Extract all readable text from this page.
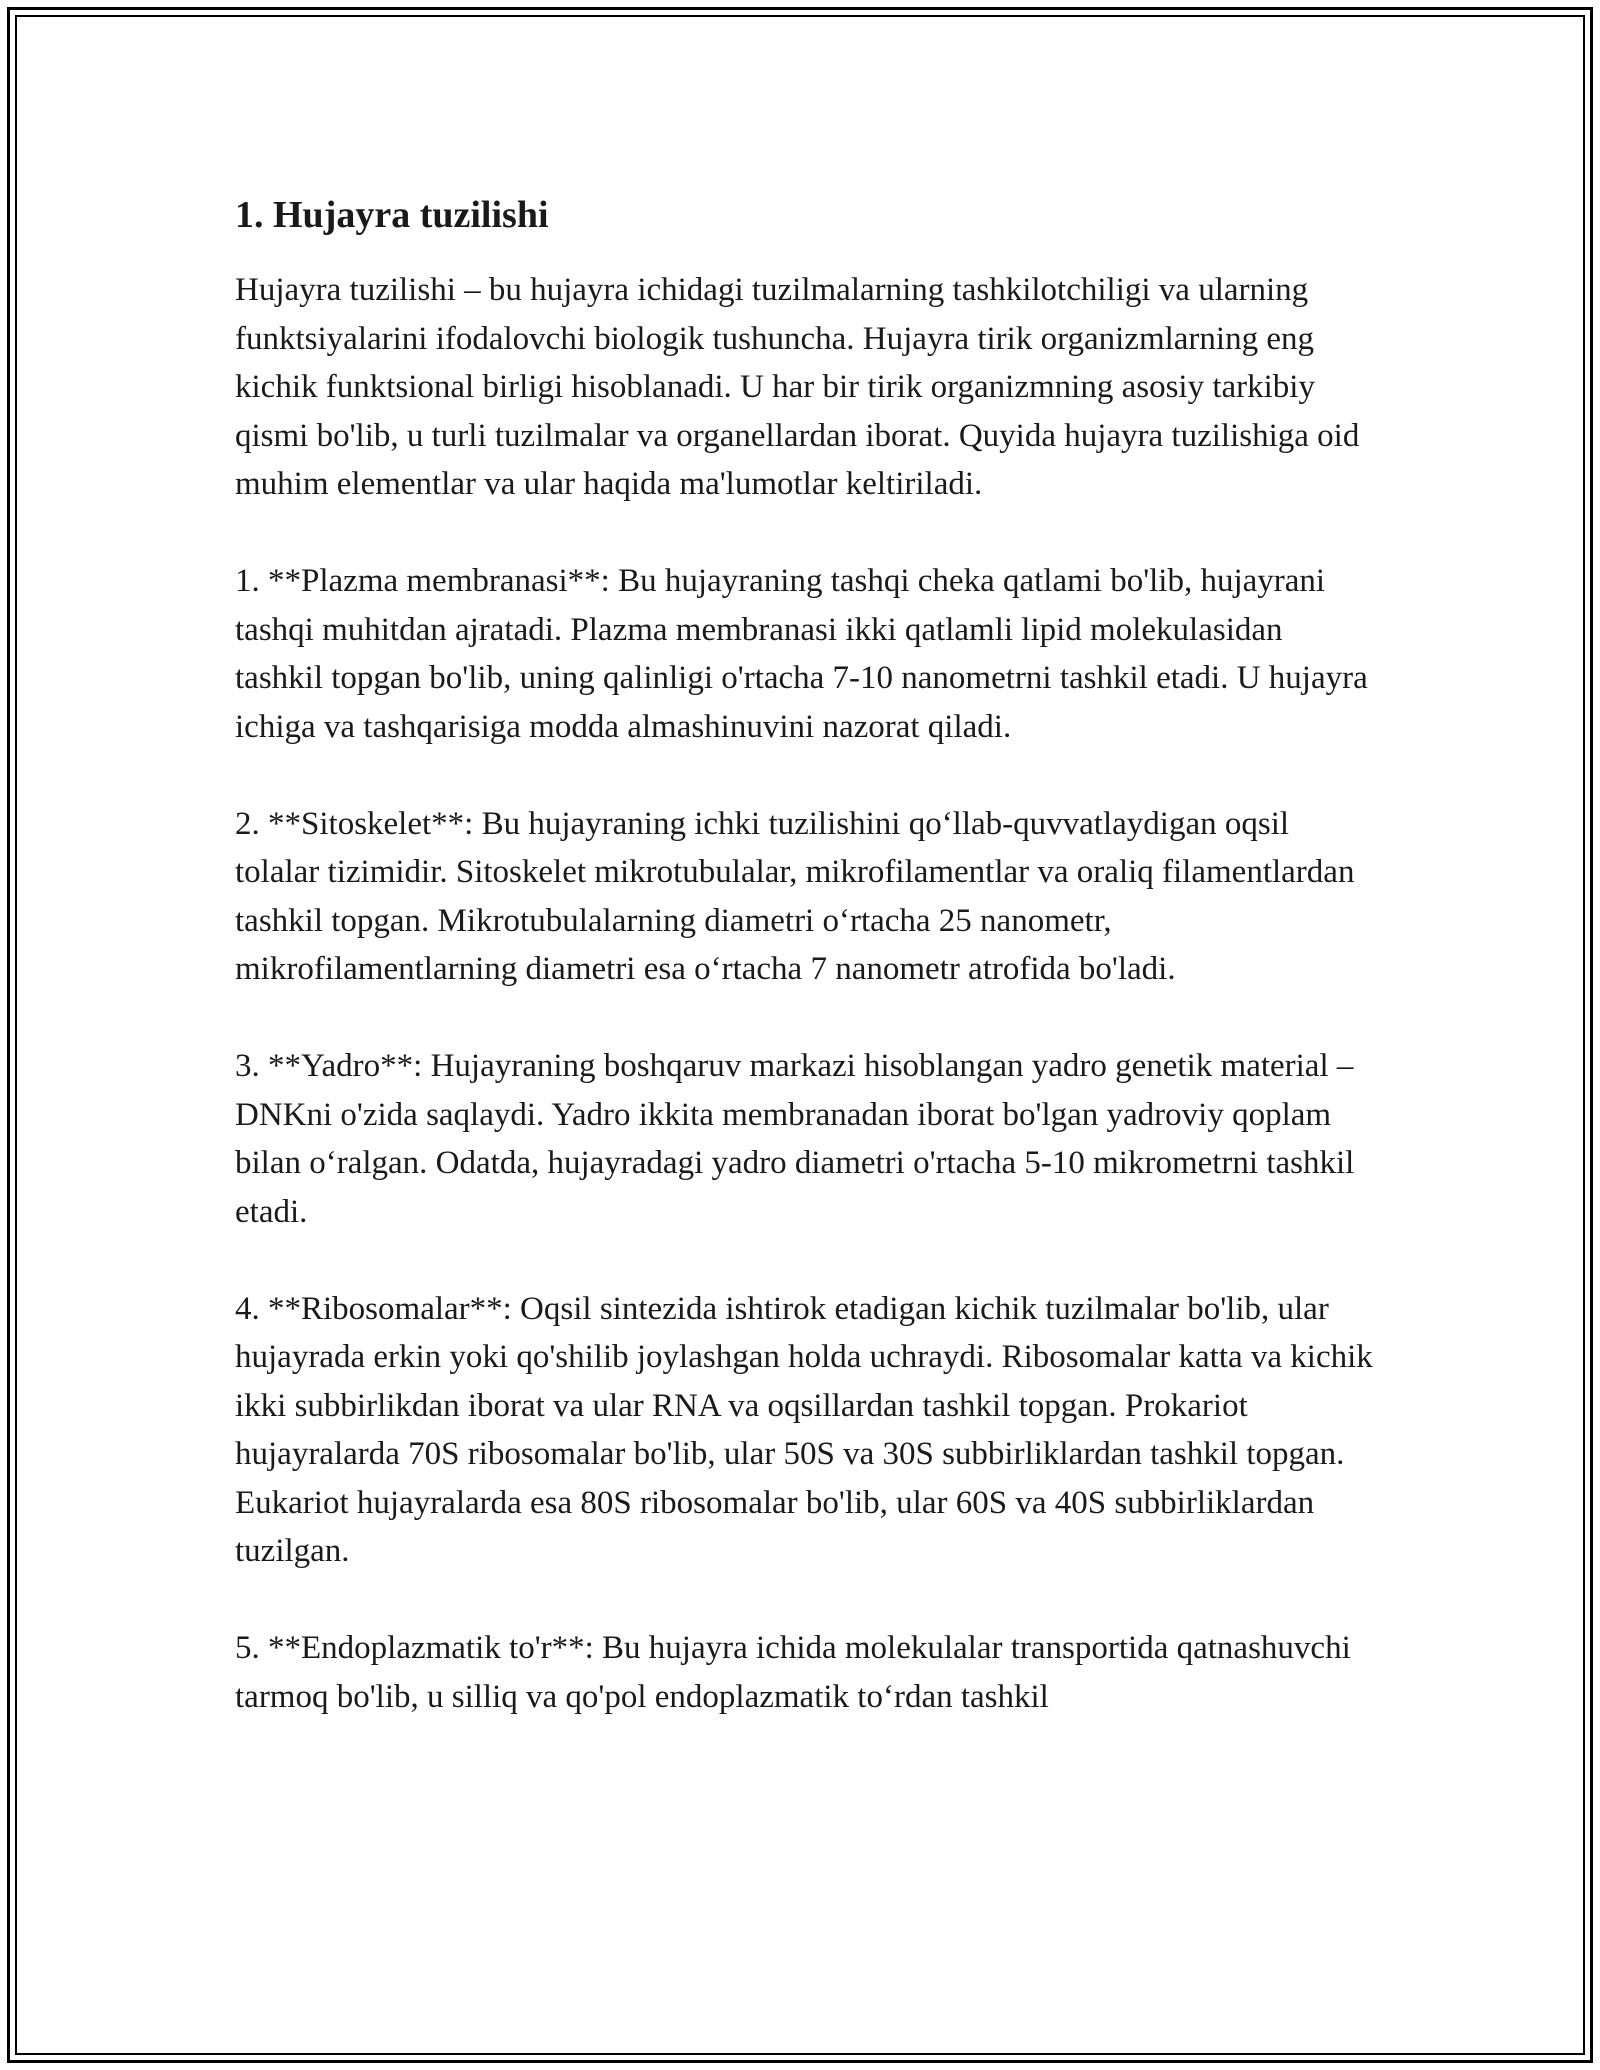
1. Hujayra tuzilishi

Hujayra tuzilishi – bu hujayra ichidagi tuzilmalarning tashkilotchiligi va ularning funktsiyalarini ifodalovchi biologik tushuncha. Hujayra tirik organizmlarning eng kichik funktsional birligi hisoblanadi. U har bir tirik organizmning asosiy tarkibiy qismi bo'lib, u turli tuzilmalar va organellardan iborat. Quyida hujayra tuzilishiga oid muhim elementlar va ular haqida ma'lumotlar keltiriladi.

1. **Plazma membranasi**: Bu hujayraning tashqi cheka qatlami bo'lib, hujayrani tashqi muhitdan ajratadi. Plazma membranasi ikki qatlamli lipid molekulasidan tashkil topgan bo'lib, uning qalinligi o'rtacha 7-10 nanometrni tashkil etadi. U hujayra ichiga va tashqarisiga modda almashinuvini nazorat qiladi.

2. **Sitoskelet**: Bu hujayraning ichki tuzilishini qo‘llab-quvvatlaydigan oqsil tolalar tizimidir. Sitoskelet mikrotubulalar, mikrofilamentlar va oraliq filamentlardan tashkil topgan. Mikrotubulalarning diametri o‘rtacha 25 nanometr, mikrofilamentlarning diametri esa o‘rtacha 7 nanometr atrofida bo'ladi.

3. **Yadro**: Hujayraning boshqaruv markazi hisoblangan yadro genetik material – DNKni o'zida saqlaydi. Yadro ikkita membranadan iborat bo'lgan yadroviy qoplam bilan o‘ralgan. Odatda, hujayradagi yadro diametri o'rtacha 5-10 mikrometrni tashkil etadi.

4. **Ribosomalar**: Oqsil sintezida ishtirok etadigan kichik tuzilmalar bo'lib, ular hujayrada erkin yoki qo'shilib joylashgan holda uchraydi. Ribosomalar katta va kichik ikki subbirlikdan iborat va ular RNA va oqsillardan tashkil topgan. Prokariot hujayralarda 70S ribosomalar bo'lib, ular 50S va 30S subbirliklardan tashkil topgan. Eukariot hujayralarda esa 80S ribosomalar bo'lib, ular 60S va 40S subbirliklardan tuzilgan.

5. **Endoplazmatik to'r**: Bu hujayra ichida molekulalar transportida qatnashuvchi tarmoq bo'lib, u silliq va qo'pol endoplazmatik to‘rdan tashkil
